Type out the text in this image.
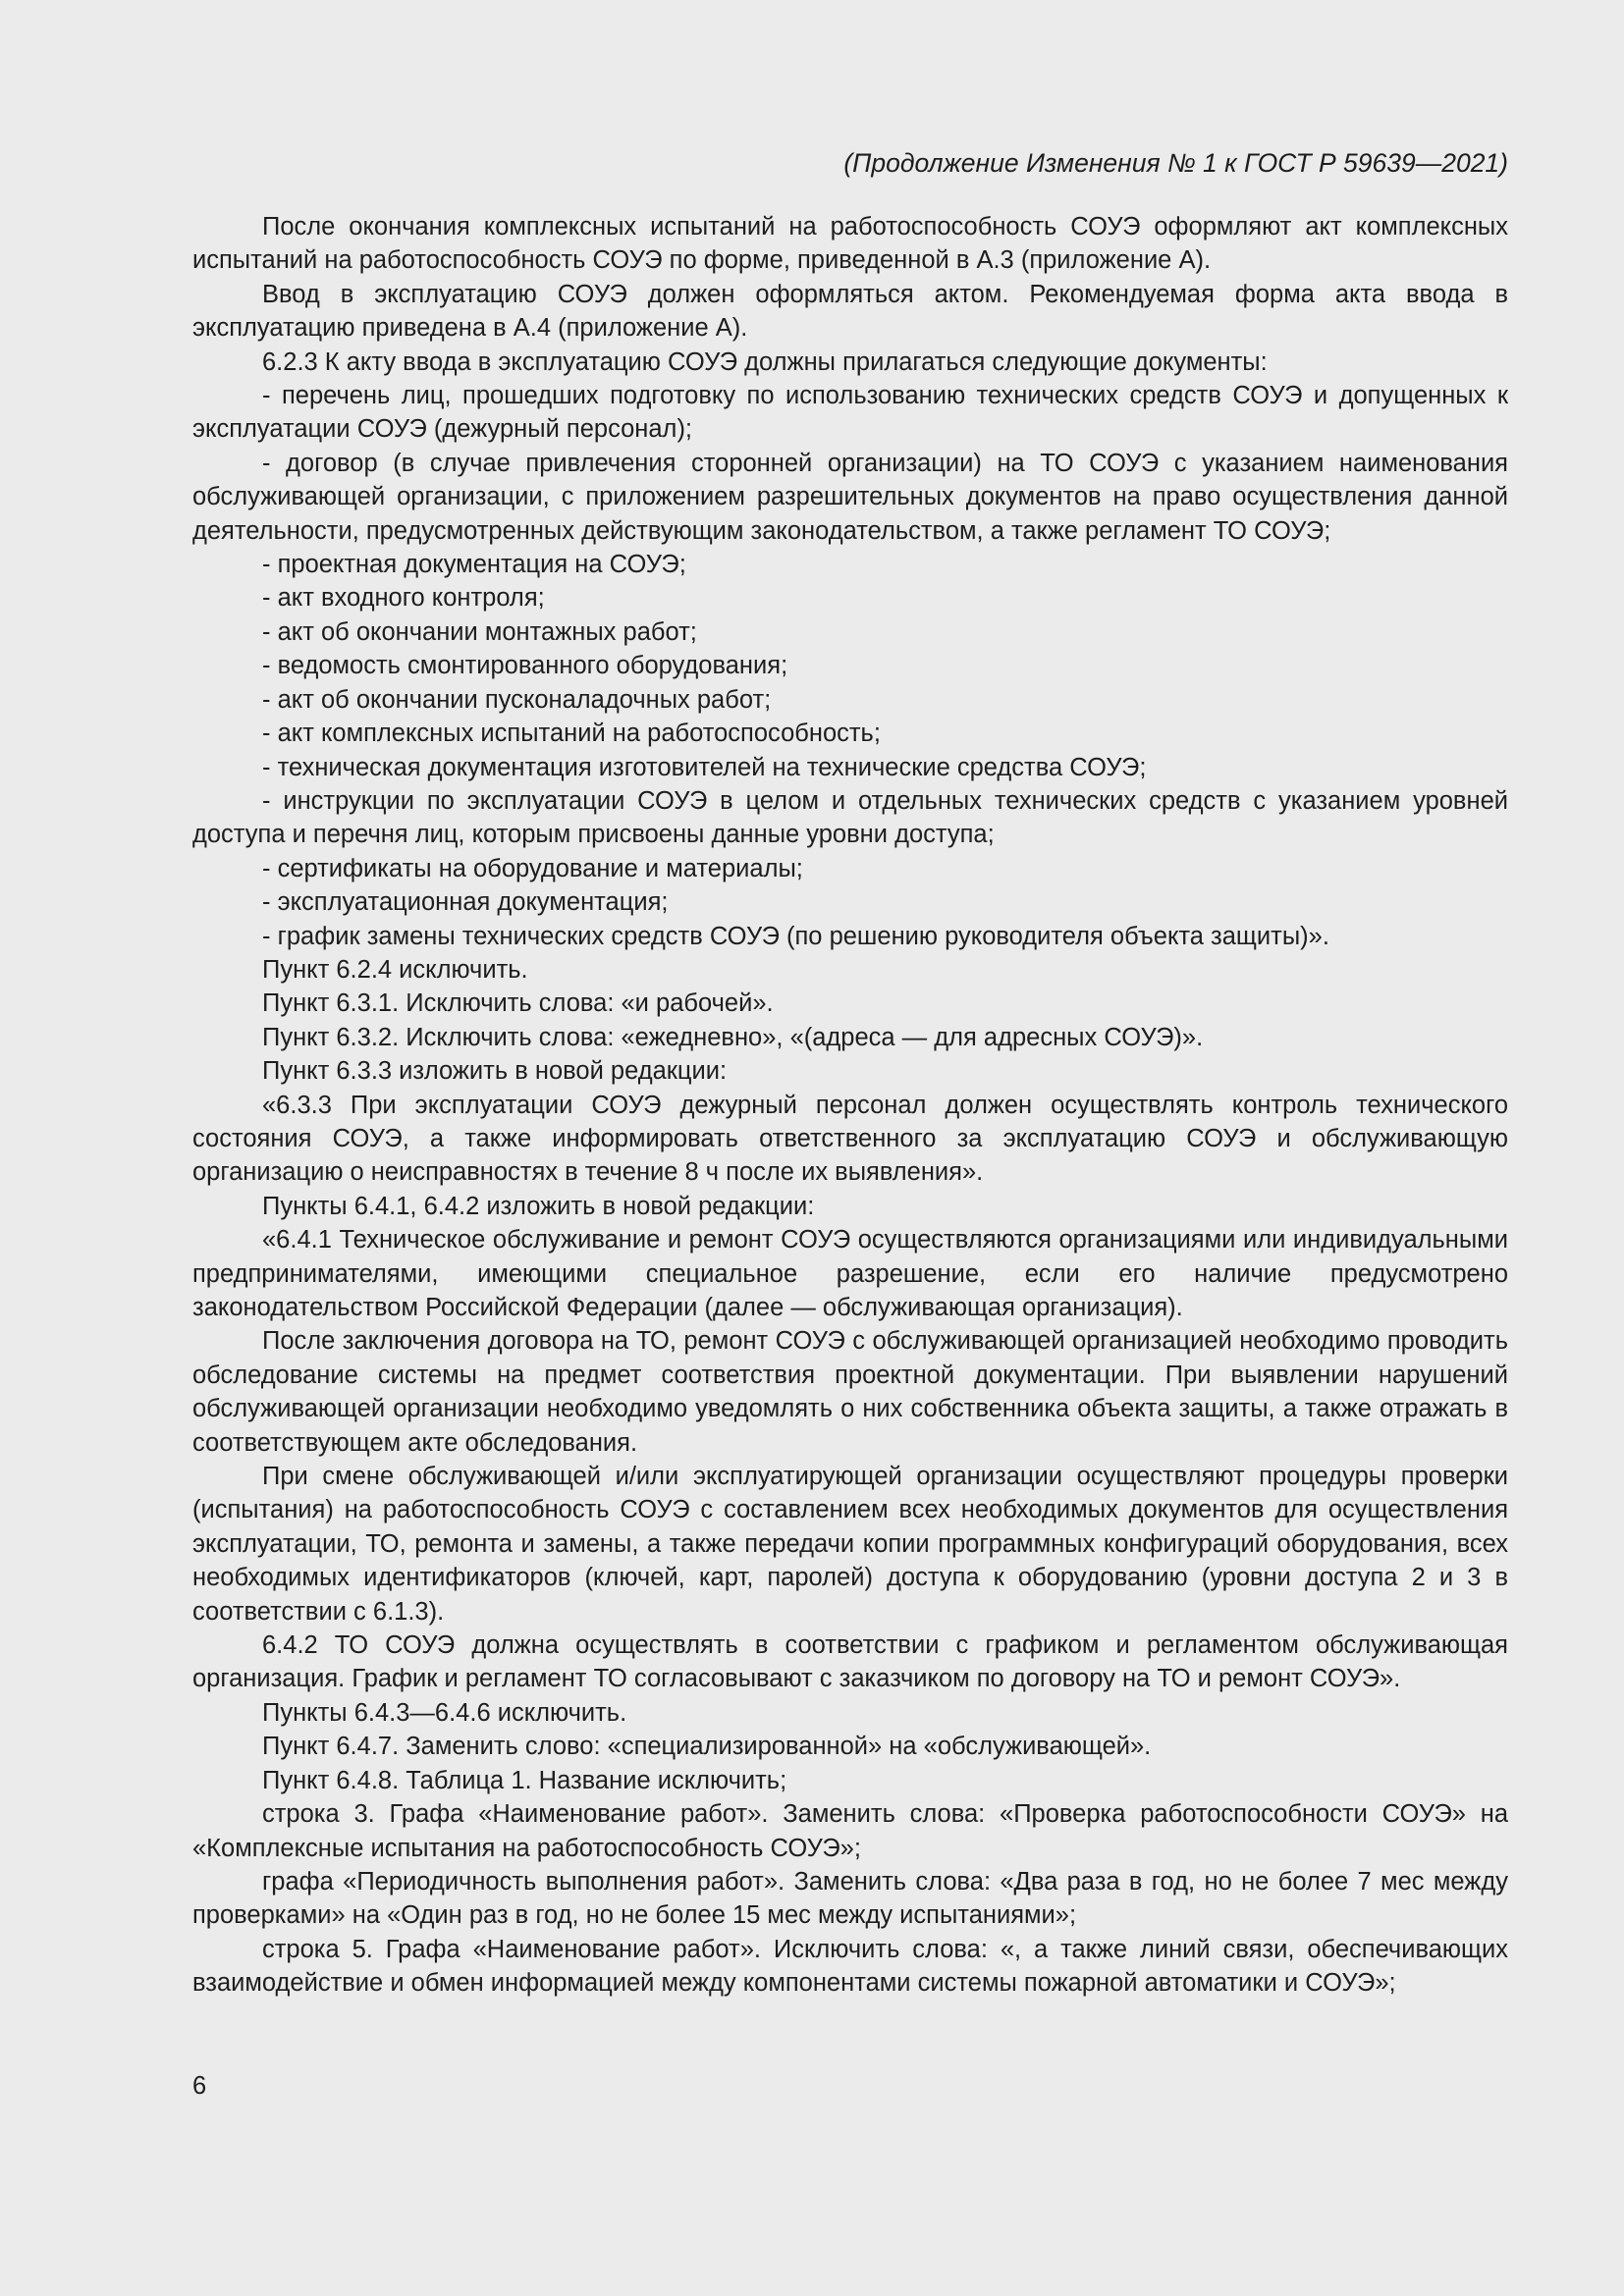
(Продолжение Изменения № 1 к ГОСТ Р 59639—2021)

После окончания комплексных испытаний на работоспособность СОУЭ оформляют акт комплексных испытаний на работоспособность СОУЭ по форме, приведенной в А.3 (приложение А).

Ввод в эксплуатацию СОУЭ должен оформляться актом. Рекомендуемая форма акта ввода в эксплуатацию приведена в А.4 (приложение А).

6.2.3 К акту ввода в эксплуатацию СОУЭ должны прилагаться следующие документы:

- перечень лиц, прошедших подготовку по использованию технических средств СОУЭ и допущенных к эксплуатации СОУЭ (дежурный персонал);

- договор (в случае привлечения сторонней организации) на ТО СОУЭ с указанием наименования обслуживающей организации, с приложением разрешительных документов на право осуществления данной деятельности, предусмотренных действующим законодательством, а также регламент ТО СОУЭ;

- проектная документация на СОУЭ;

- акт входного контроля;

- акт об окончании монтажных работ;

- ведомость смонтированного оборудования;

- акт об окончании пусконаладочных работ;

- акт комплексных испытаний на работоспособность;

- техническая документация изготовителей на технические средства СОУЭ;

- инструкции по эксплуатации СОУЭ в целом и отдельных технических средств с указанием уровней доступа и перечня лиц, которым присвоены данные уровни доступа;

- сертификаты на оборудование и материалы;

- эксплуатационная документация;

- график замены технических средств СОУЭ (по решению руководителя объекта защиты)».

Пункт 6.2.4 исключить.

Пункт 6.3.1. Исключить слова: «и рабочей».

Пункт 6.3.2. Исключить слова: «ежедневно», «(адреса — для адресных СОУЭ)».

Пункт 6.3.3 изложить в новой редакции:

«6.3.3 При эксплуатации СОУЭ дежурный персонал должен осуществлять контроль технического состояния СОУЭ, а также информировать ответственного за эксплуатацию СОУЭ и обслуживающую организацию о неисправностях в течение 8 ч после их выявления».

Пункты 6.4.1, 6.4.2 изложить в новой редакции:

«6.4.1 Техническое обслуживание и ремонт СОУЭ осуществляются организациями или индивидуальными предпринимателями, имеющими специальное разрешение, если его наличие предусмотрено законодательством Российской Федерации (далее — обслуживающая организация).

После заключения договора на ТО, ремонт СОУЭ с обслуживающей организацией необходимо проводить обследование системы на предмет соответствия проектной документации. При выявлении нарушений обслуживающей организации необходимо уведомлять о них собственника объекта защиты, а также отражать в соответствующем акте обследования.

При смене обслуживающей и/или эксплуатирующей организации осуществляют процедуры проверки (испытания) на работоспособность СОУЭ с составлением всех необходимых документов для осуществления эксплуатации, ТО, ремонта и замены, а также передачи копии программных конфигураций оборудования, всех необходимых идентификаторов (ключей, карт, паролей) доступа к оборудованию (уровни доступа 2 и 3 в соответствии с 6.1.3).

6.4.2 ТО СОУЭ должна осуществлять в соответствии с графиком и регламентом обслуживающая организация. График и регламент ТО согласовывают с заказчиком по договору на ТО и ремонт СОУЭ».

Пункты 6.4.3—6.4.6 исключить.

Пункт 6.4.7. Заменить слово: «специализированной» на «обслуживающей».

Пункт 6.4.8. Таблица 1. Название исключить;

строка 3. Графа «Наименование работ». Заменить слова: «Проверка работоспособности СОУЭ» на «Комплексные испытания на работоспособность СОУЭ»;

графа «Периодичность выполнения работ». Заменить слова: «Два раза в год, но не более 7 мес между проверками» на «Один раз в год, но не более 15 мес между испытаниями»;

строка 5. Графа «Наименование работ». Исключить слова: «, а также линий связи, обеспечивающих взаимодействие и обмен информацией между компонентами системы пожарной автоматики и СОУЭ»;

6
